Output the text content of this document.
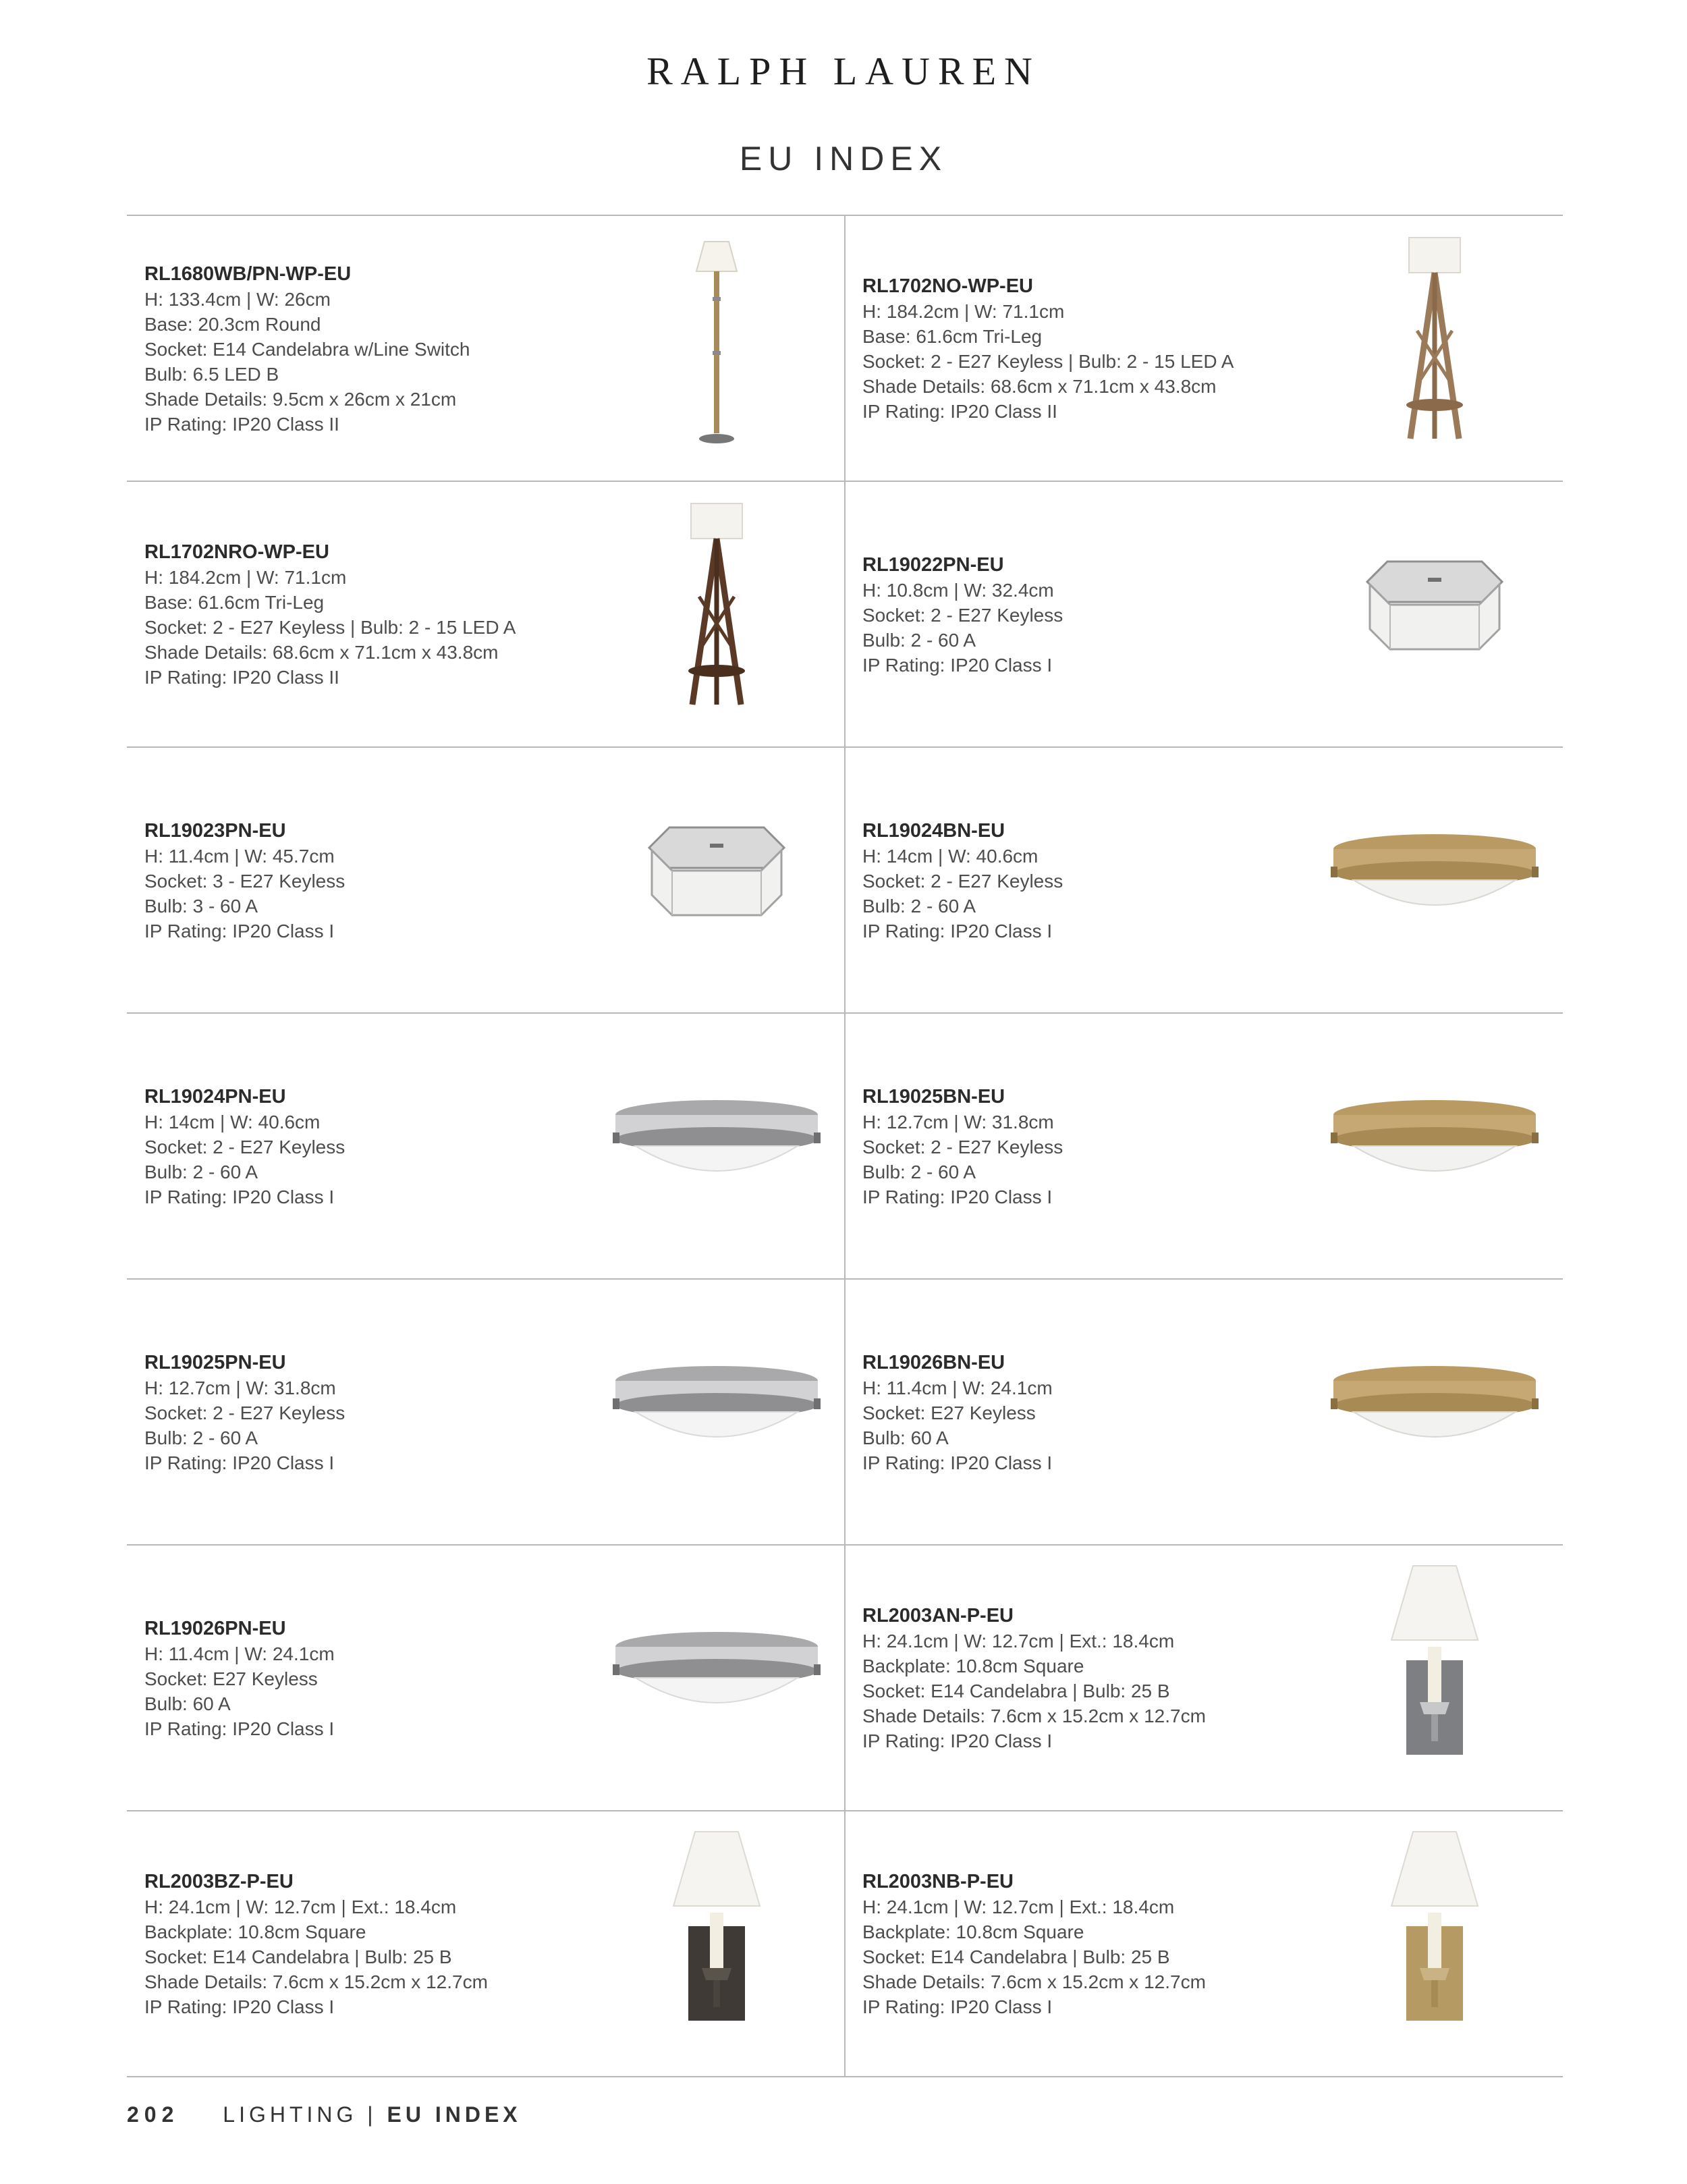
RALPH LAUREN
EU INDEX
RL1680WB/PN-WP-EU
H: 133.4cm | W: 26cm
Base: 20.3cm Round
Socket: E14 Candelabra w/Line Switch
Bulb: 6.5 LED B
Shade Details: 9.5cm x 26cm x 21cm
IP Rating: IP20 Class II
RL1702NO-WP-EU
H: 184.2cm | W: 71.1cm
Base: 61.6cm Tri-Leg
Socket: 2 - E27 Keyless | Bulb: 2 - 15 LED A
Shade Details: 68.6cm x 71.1cm x 43.8cm
IP Rating: IP20 Class II
RL1702NRO-WP-EU
H: 184.2cm | W: 71.1cm
Base: 61.6cm Tri-Leg
Socket: 2 - E27 Keyless | Bulb: 2 - 15 LED A
Shade Details: 68.6cm x 71.1cm x 43.8cm
IP Rating: IP20 Class II
RL19022PN-EU
H: 10.8cm | W: 32.4cm
Socket: 2 - E27 Keyless
Bulb: 2 - 60 A
IP Rating: IP20 Class I
RL19023PN-EU
H: 11.4cm | W: 45.7cm
Socket: 3 - E27 Keyless
Bulb: 3 - 60 A
IP Rating: IP20 Class I
RL19024BN-EU
H: 14cm | W: 40.6cm
Socket: 2 - E27 Keyless
Bulb: 2 - 60 A
IP Rating: IP20 Class I
RL19024PN-EU
H: 14cm | W: 40.6cm
Socket: 2 - E27 Keyless
Bulb: 2 - 60 A
IP Rating: IP20 Class I
RL19025BN-EU
H: 12.7cm | W: 31.8cm
Socket: 2 - E27 Keyless
Bulb: 2 - 60 A
IP Rating: IP20 Class I
RL19025PN-EU
H: 12.7cm | W: 31.8cm
Socket: 2 - E27 Keyless
Bulb: 2 - 60 A
IP Rating: IP20 Class I
RL19026BN-EU
H: 11.4cm | W: 24.1cm
Socket: E27 Keyless
Bulb: 60 A
IP Rating: IP20 Class I
RL19026PN-EU
H: 11.4cm | W: 24.1cm
Socket: E27 Keyless
Bulb: 60 A
IP Rating: IP20 Class I
RL2003AN-P-EU
H: 24.1cm | W: 12.7cm | Ext.: 18.4cm
Backplate: 10.8cm Square
Socket: E14 Candelabra | Bulb: 25 B
Shade Details: 7.6cm x 15.2cm x 12.7cm
IP Rating: IP20 Class I
RL2003BZ-P-EU
H: 24.1cm | W: 12.7cm | Ext.: 18.4cm
Backplate: 10.8cm Square
Socket: E14 Candelabra | Bulb: 25 B
Shade Details: 7.6cm x 15.2cm x 12.7cm
IP Rating: IP20 Class I
RL2003NB-P-EU
H: 24.1cm | W: 12.7cm | Ext.: 18.4cm
Backplate: 10.8cm Square
Socket: E14 Candelabra | Bulb: 25 B
Shade Details: 7.6cm x 15.2cm x 12.7cm
IP Rating: IP20 Class I
202 LIGHTING | EU INDEX
